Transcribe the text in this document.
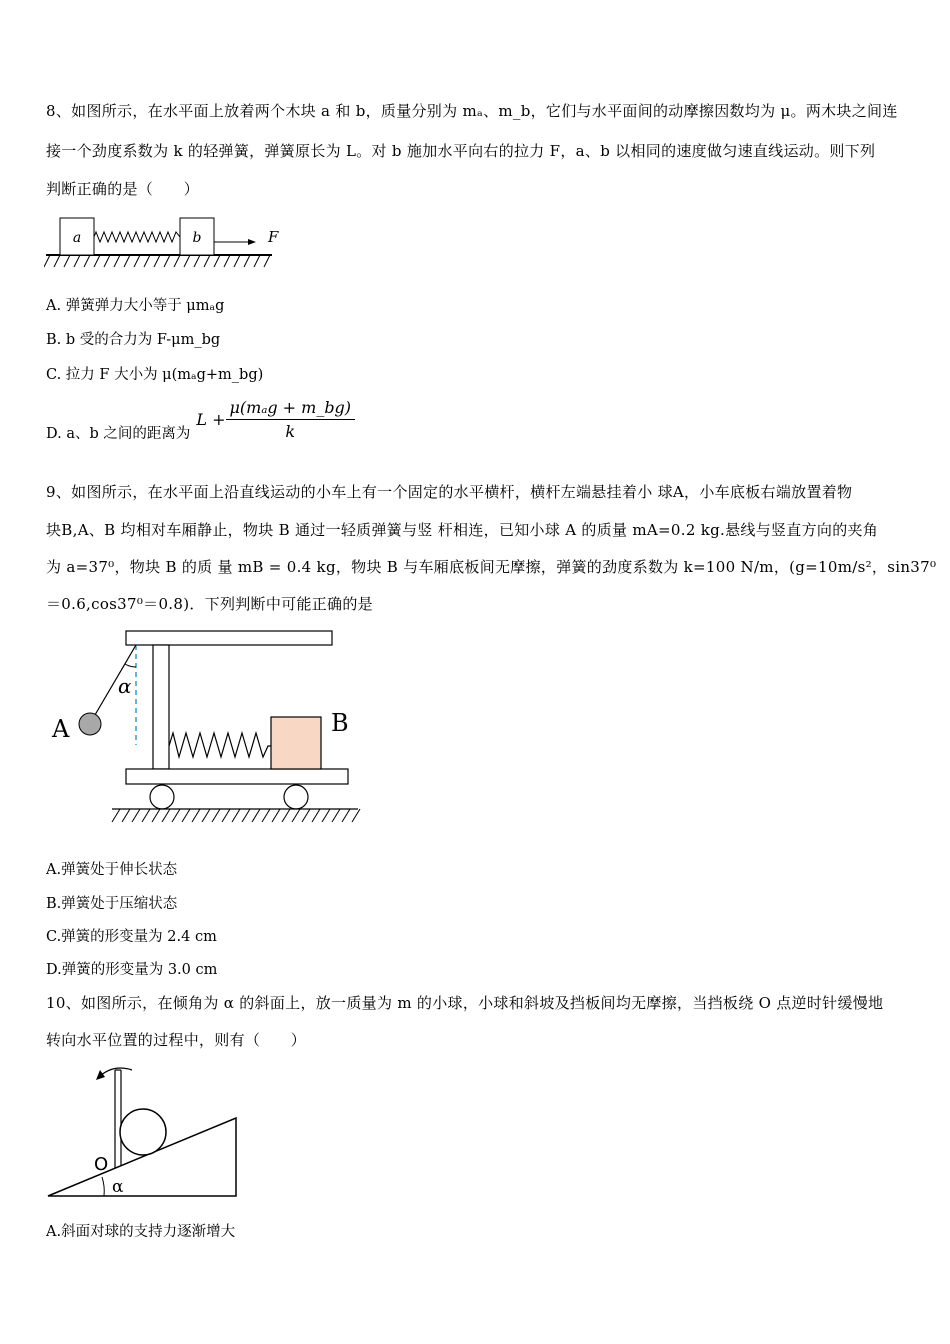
8、如图所示，在水平面上放着两个木块 a 和 b，质量分别为 mₐ、m_b，它们与水平面间的动摩擦因数均为 μ。两木块之间连
接一个劲度系数为 k 的轻弹簧，弹簧原长为 L。对 b 施加水平向右的拉力 F，a、b 以相同的速度做匀速直线运动。则下列
判断正确的是（　　）
a	b	F
A. 弹簧弹力大小等于 μmₐg
B. b 受的合力为 F-μm_bg
C. 拉力 F 大小为 μ(mₐg+m_bg)
D. a、b 之间的距离为
$L + \frac{\text{μ(mₐg + m\_bg)}}{k}$
9、如图所示，在水平面上沿直线运动的小车上有一个固定的水平横杆，横杆左端悬挂着小 球A，小车底板右端放置着物
块B,A、B 均相对车厢静止，物块 B 通过一轻质弹簧与竖 杆相连，已知小球 A 的质量 mA=0.2 kg.悬线与竖直方向的夹角
为 a=37⁰，物块 B 的质 量 mB = 0.4 kg，物块 B 与车厢底板间无摩擦，弹簧的劲度系数为 k=100 N/m，(g=10m/s²，sin37⁰
＝0.6,cos37⁰＝0.8)．下列判断中可能正确的是
A	B
α
A.弹簧处于伸长状态
B.弹簧处于压缩状态
C.弹簧的形变量为 2.4 cm
D.弹簧的形变量为 3.0 cm
10、如图所示，在倾角为 α 的斜面上，放一质量为 m 的小球，小球和斜坡及挡板间均无摩擦，当挡板绕 O 点逆时针缓慢地
转向水平位置的过程中，则有（　　）
O
α
A.斜面对球的支持力逐渐增大
